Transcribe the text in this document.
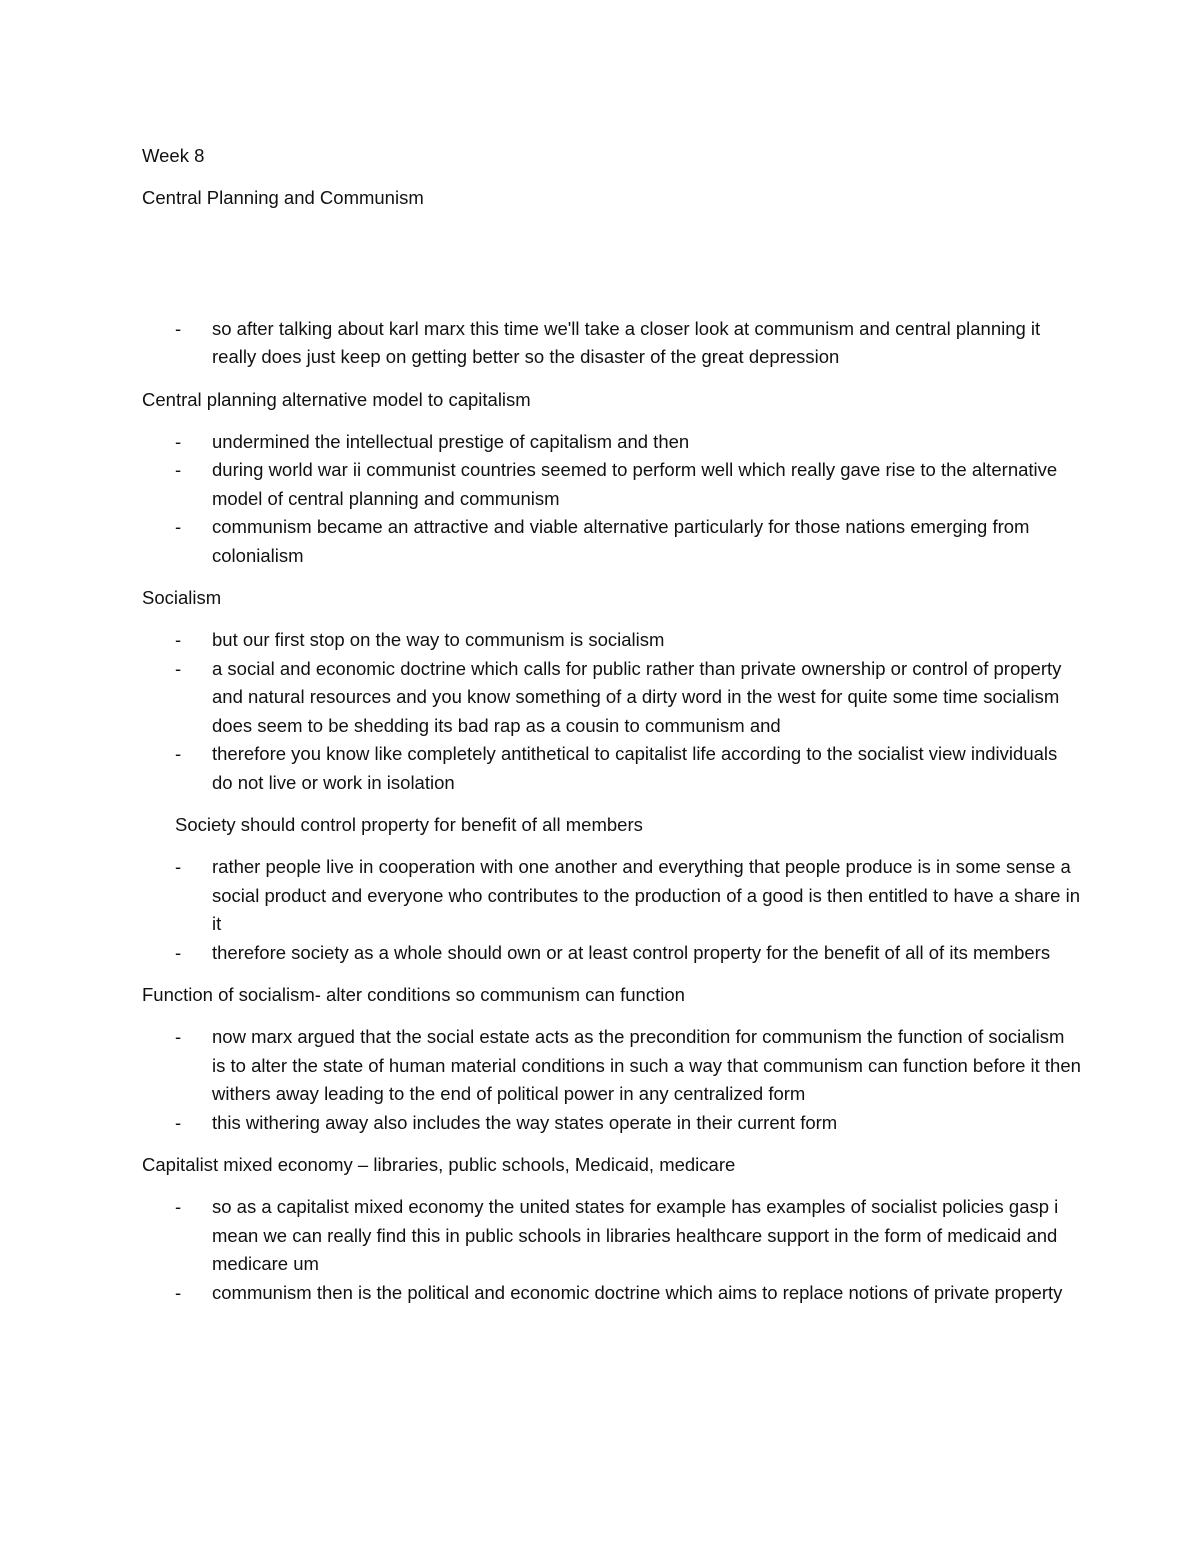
Week 8

Central Planning and Communism

- so after talking about karl marx this time we'll take a closer look at communism and central planning it really does just keep on getting better so the disaster of the great depression

Central planning alternative model to capitalism

- undermined the intellectual prestige of capitalism and then
- during world war ii communist countries seemed to perform well which really gave rise to the alternative model of central planning and communism
- communism became an attractive and viable alternative particularly for those nations emerging from colonialism

Socialism

- but our first stop on the way to communism is socialism
- a social and economic doctrine which calls for public rather than private ownership or control of property and natural resources and you know something of a dirty word in the west for quite some time socialism does seem to be shedding its bad rap as a cousin to communism and
- therefore you know like completely antithetical to capitalist life according to the socialist view individuals do not live or work in isolation

Society should control property for benefit of all members

- rather people live in cooperation with one another and everything that people produce is in some sense a social product and everyone who contributes to the production of a good is then entitled to have a share in it
- therefore society as a whole should own or at least control property for the benefit of all of its members

Function of socialism- alter conditions so communism can function

- now marx argued that the social estate acts as the precondition for communism the function of socialism is to alter the state of human material conditions in such a way that communism can function before it then withers away leading to the end of political power in any centralized form
- this withering away also includes the way states operate in their current form

Capitalist mixed economy – libraries, public schools, Medicaid, medicare

- so as a capitalist mixed economy the united states for example has examples of socialist policies gasp i mean we can really find this in public schools in libraries healthcare support in the form of medicaid and medicare um
- communism then is the political and economic doctrine which aims to replace notions of private property
